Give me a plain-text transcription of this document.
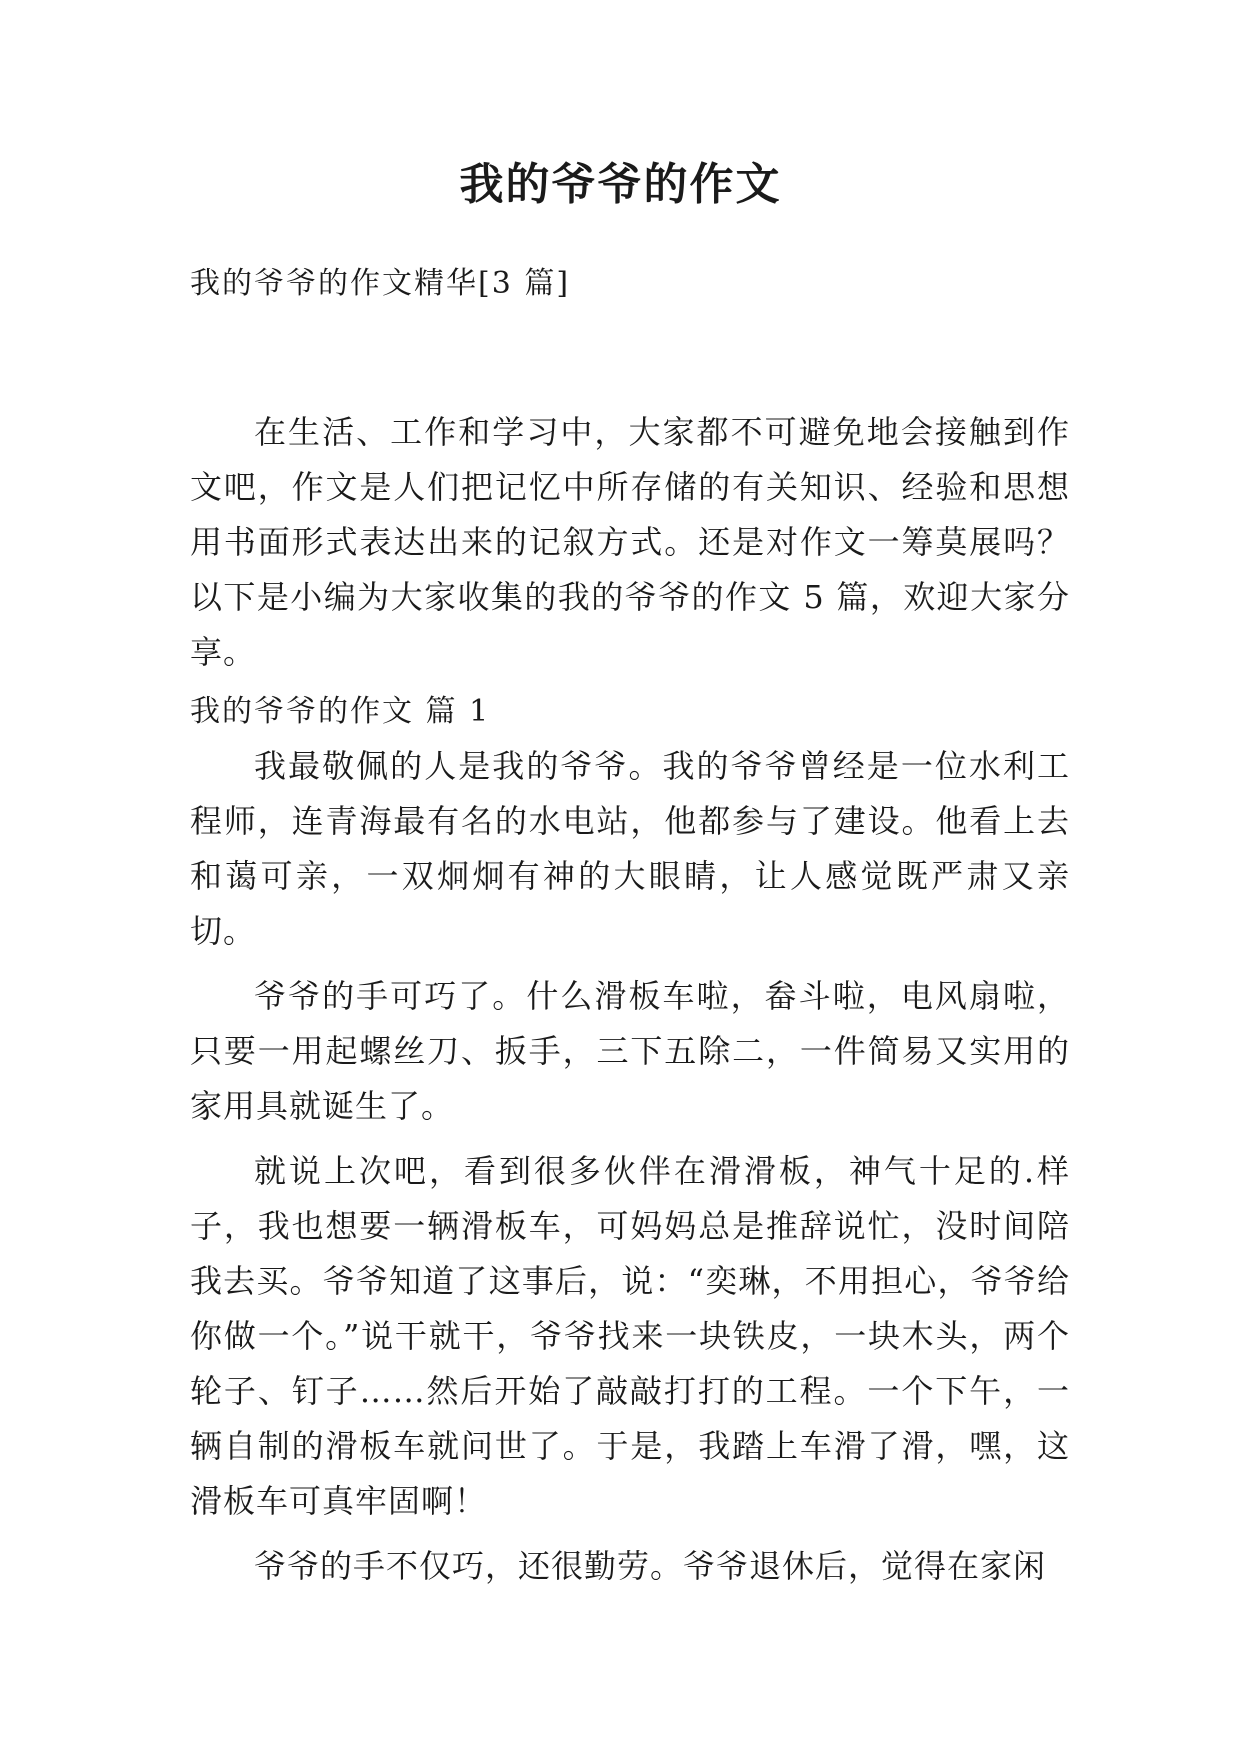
我的爷爷的作文
我的爷爷的作文精华[3 篇]

在生活、工作和学习中，大家都不可避免地会接触到作文吧，作文是人们把记忆中所存储的有关知识、经验和思想用书面形式表达出来的记叙方式。还是对作文一筹莫展吗？以下是小编为大家收集的我的爷爷的作文 5 篇，欢迎大家分享。

我的爷爷的作文 篇 1

我最敬佩的人是我的爷爷。我的爷爷曾经是一位水利工程师，连青海最有名的水电站，他都参与了建设。他看上去和蔼可亲，一双炯炯有神的大眼睛，让人感觉既严肃又亲切。

爷爷的手可巧了。什么滑板车啦，畚斗啦，电风扇啦，只要一用起螺丝刀、扳手，三下五除二，一件简易又实用的家用具就诞生了。

就说上次吧，看到很多伙伴在滑滑板，神气十足的.样子，我也想要一辆滑板车，可妈妈总是推辞说忙，没时间陪我去买。爷爷知道了这事后，说：“奕琳，不用担心，爷爷给你做一个。”说干就干，爷爷找来一块铁皮，一块木头，两个轮子、钉子……然后开始了敲敲打打的工程。一个下午，一辆自制的滑板车就问世了。于是，我踏上车滑了滑，嘿，这滑板车可真牢固啊！

爷爷的手不仅巧，还很勤劳。爷爷退休后，觉得在家闲
